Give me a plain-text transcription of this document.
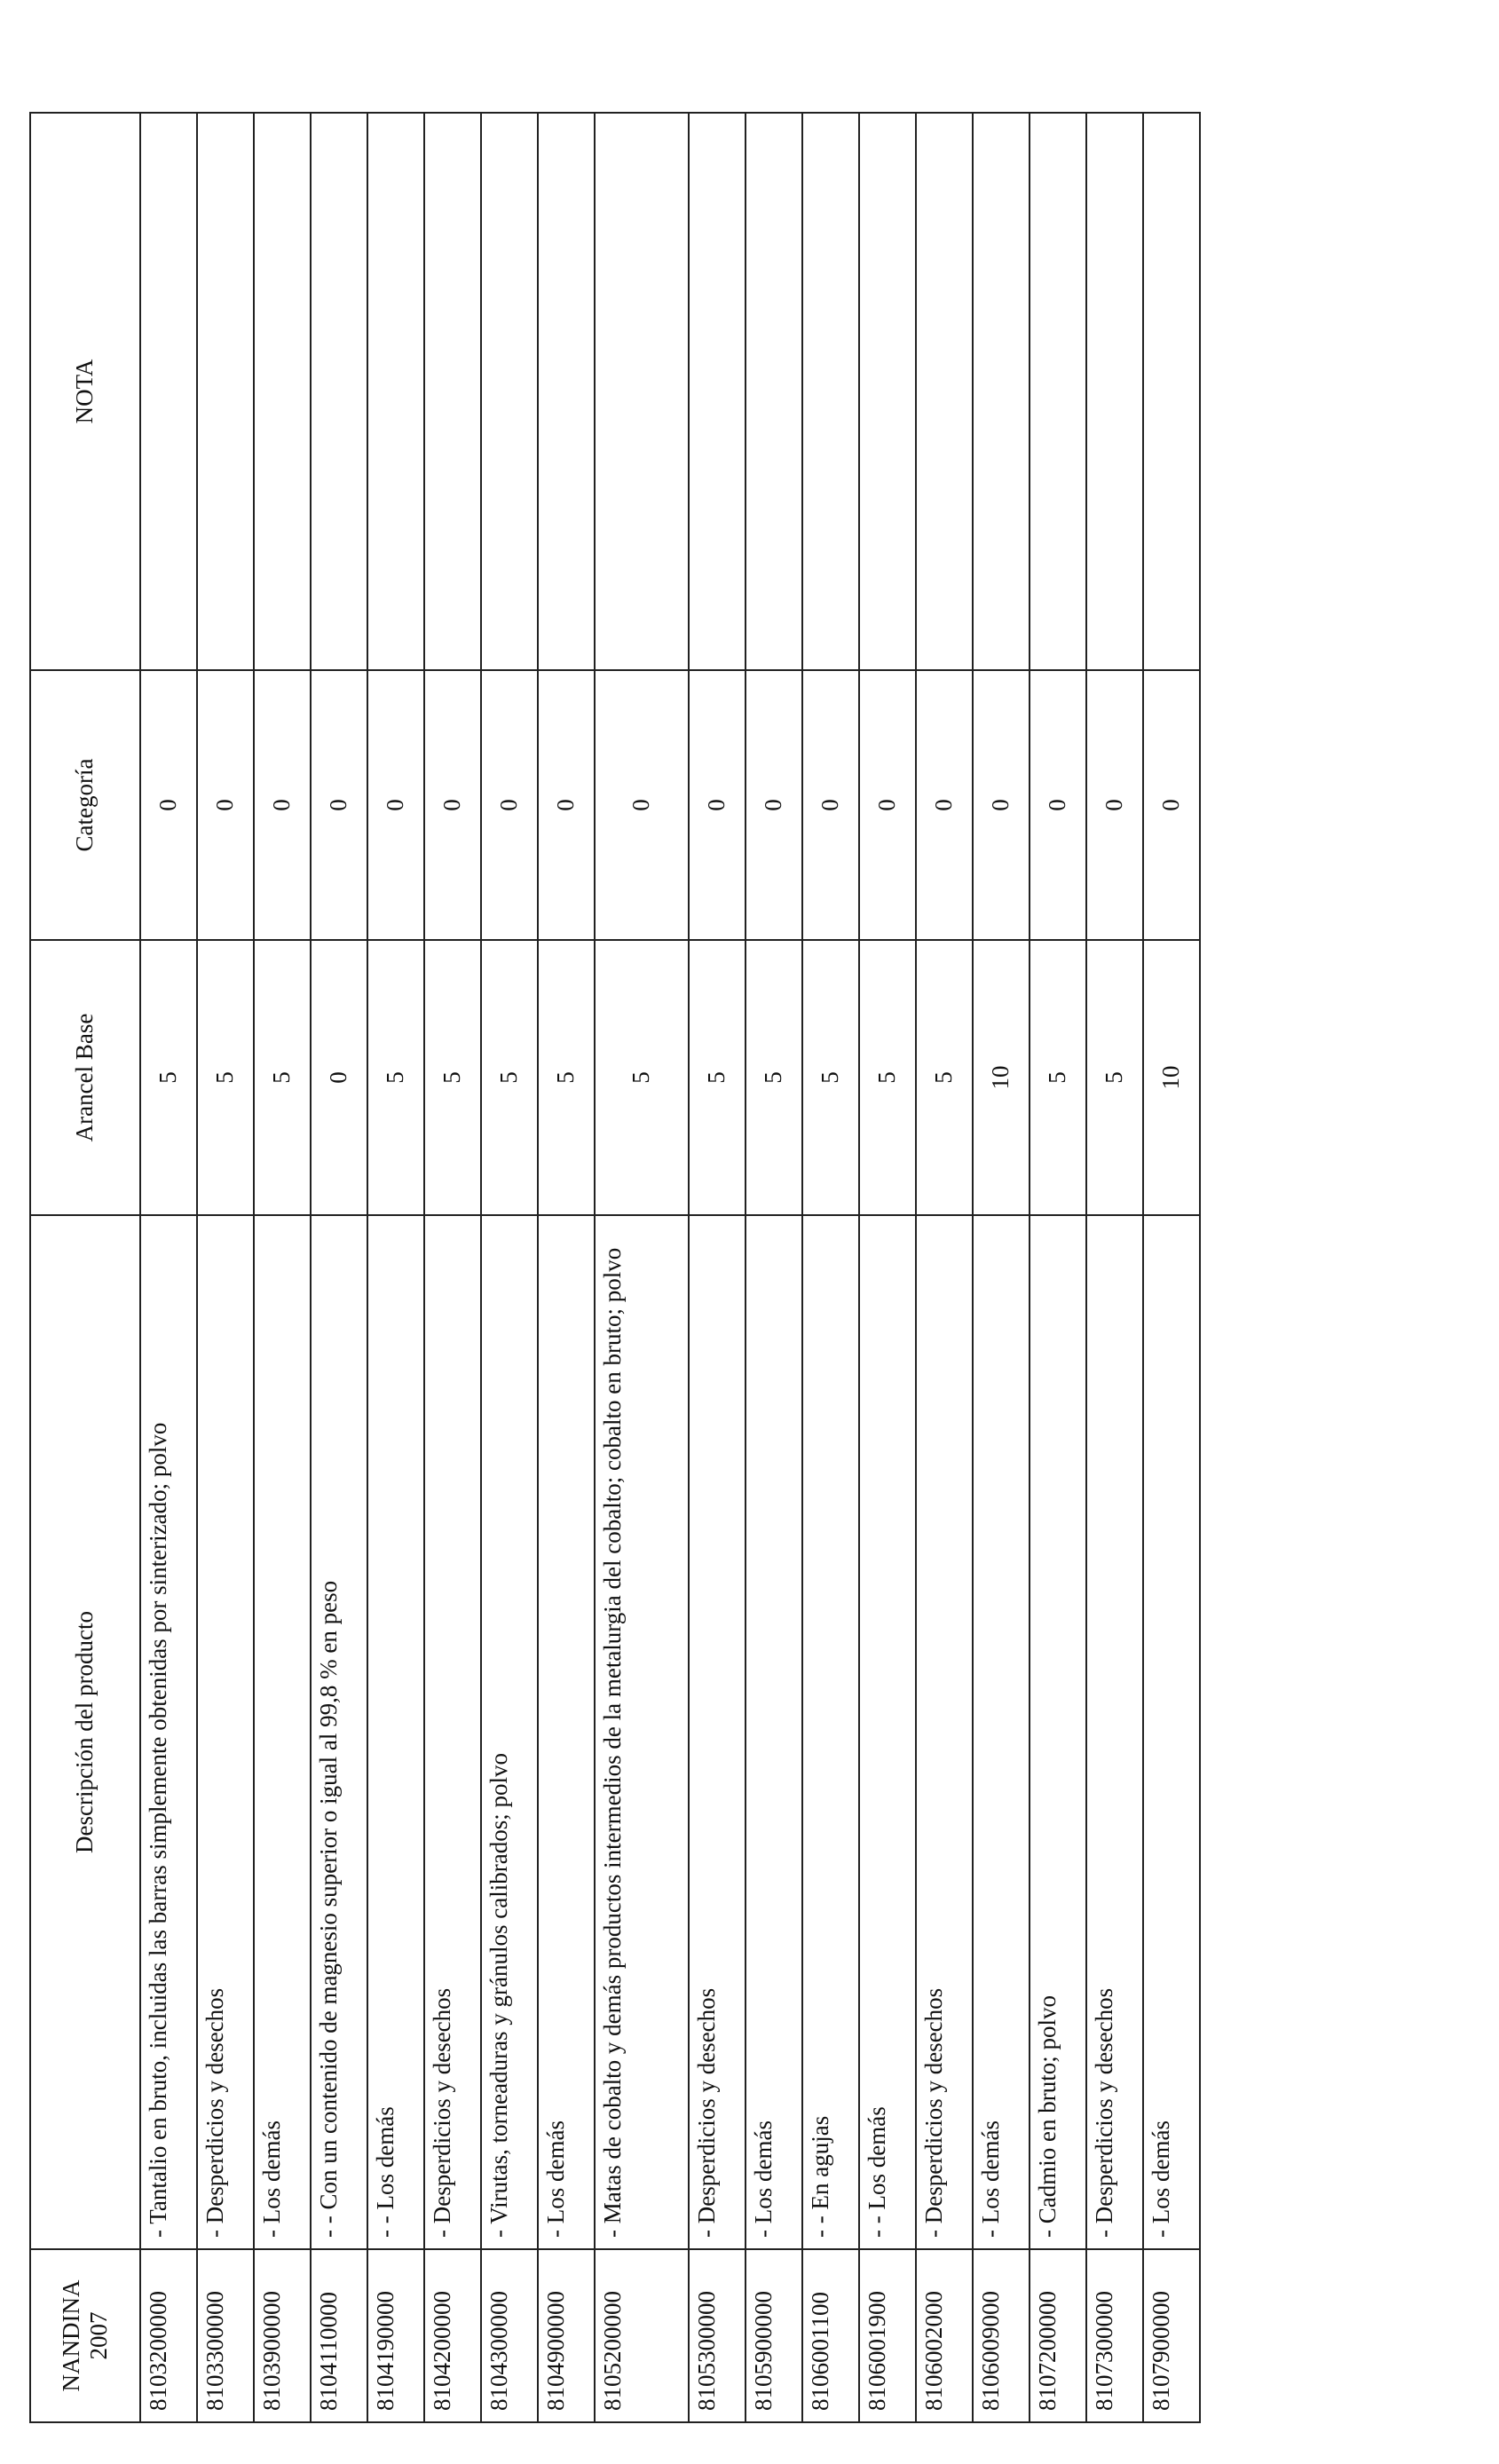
NANDINA 2007	Descripción del producto	Arancel Base	Categoría	NOTA
8103200000	- Tantalio en bruto, incluidas las barras simplemente obtenidas por sinterizado; polvo	5	0	
8103300000	- Desperdicios y desechos	5	0	
8103900000	- Los demás	5	0	
8104110000	- - Con un contenido de magnesio superior o igual al 99,8 % en peso	0	0	
8104190000	- - Los demás	5	0	
8104200000	- Desperdicios y desechos	5	0	
8104300000	- Virutas, torneaduras y gránulos calibrados; polvo	5	0	
8104900000	- Los demás	5	0	
8105200000	- Matas de cobalto y demás productos intermedios de la metalurgia del cobalto; cobalto en bruto; polvo	5	0	
8105300000	- Desperdicios y desechos	5	0	
8105900000	- Los demás	5	0	
8106001100	- - En agujas	5	0	
8106001900	- - Los demás	5	0	
8106002000	- Desperdicios y desechos	5	0	
8106009000	- Los demás	10	0	
8107200000	- Cadmio en bruto; polvo	5	0	
8107300000	- Desperdicios y desechos	5	0	
8107900000	- Los demás	10	0	
